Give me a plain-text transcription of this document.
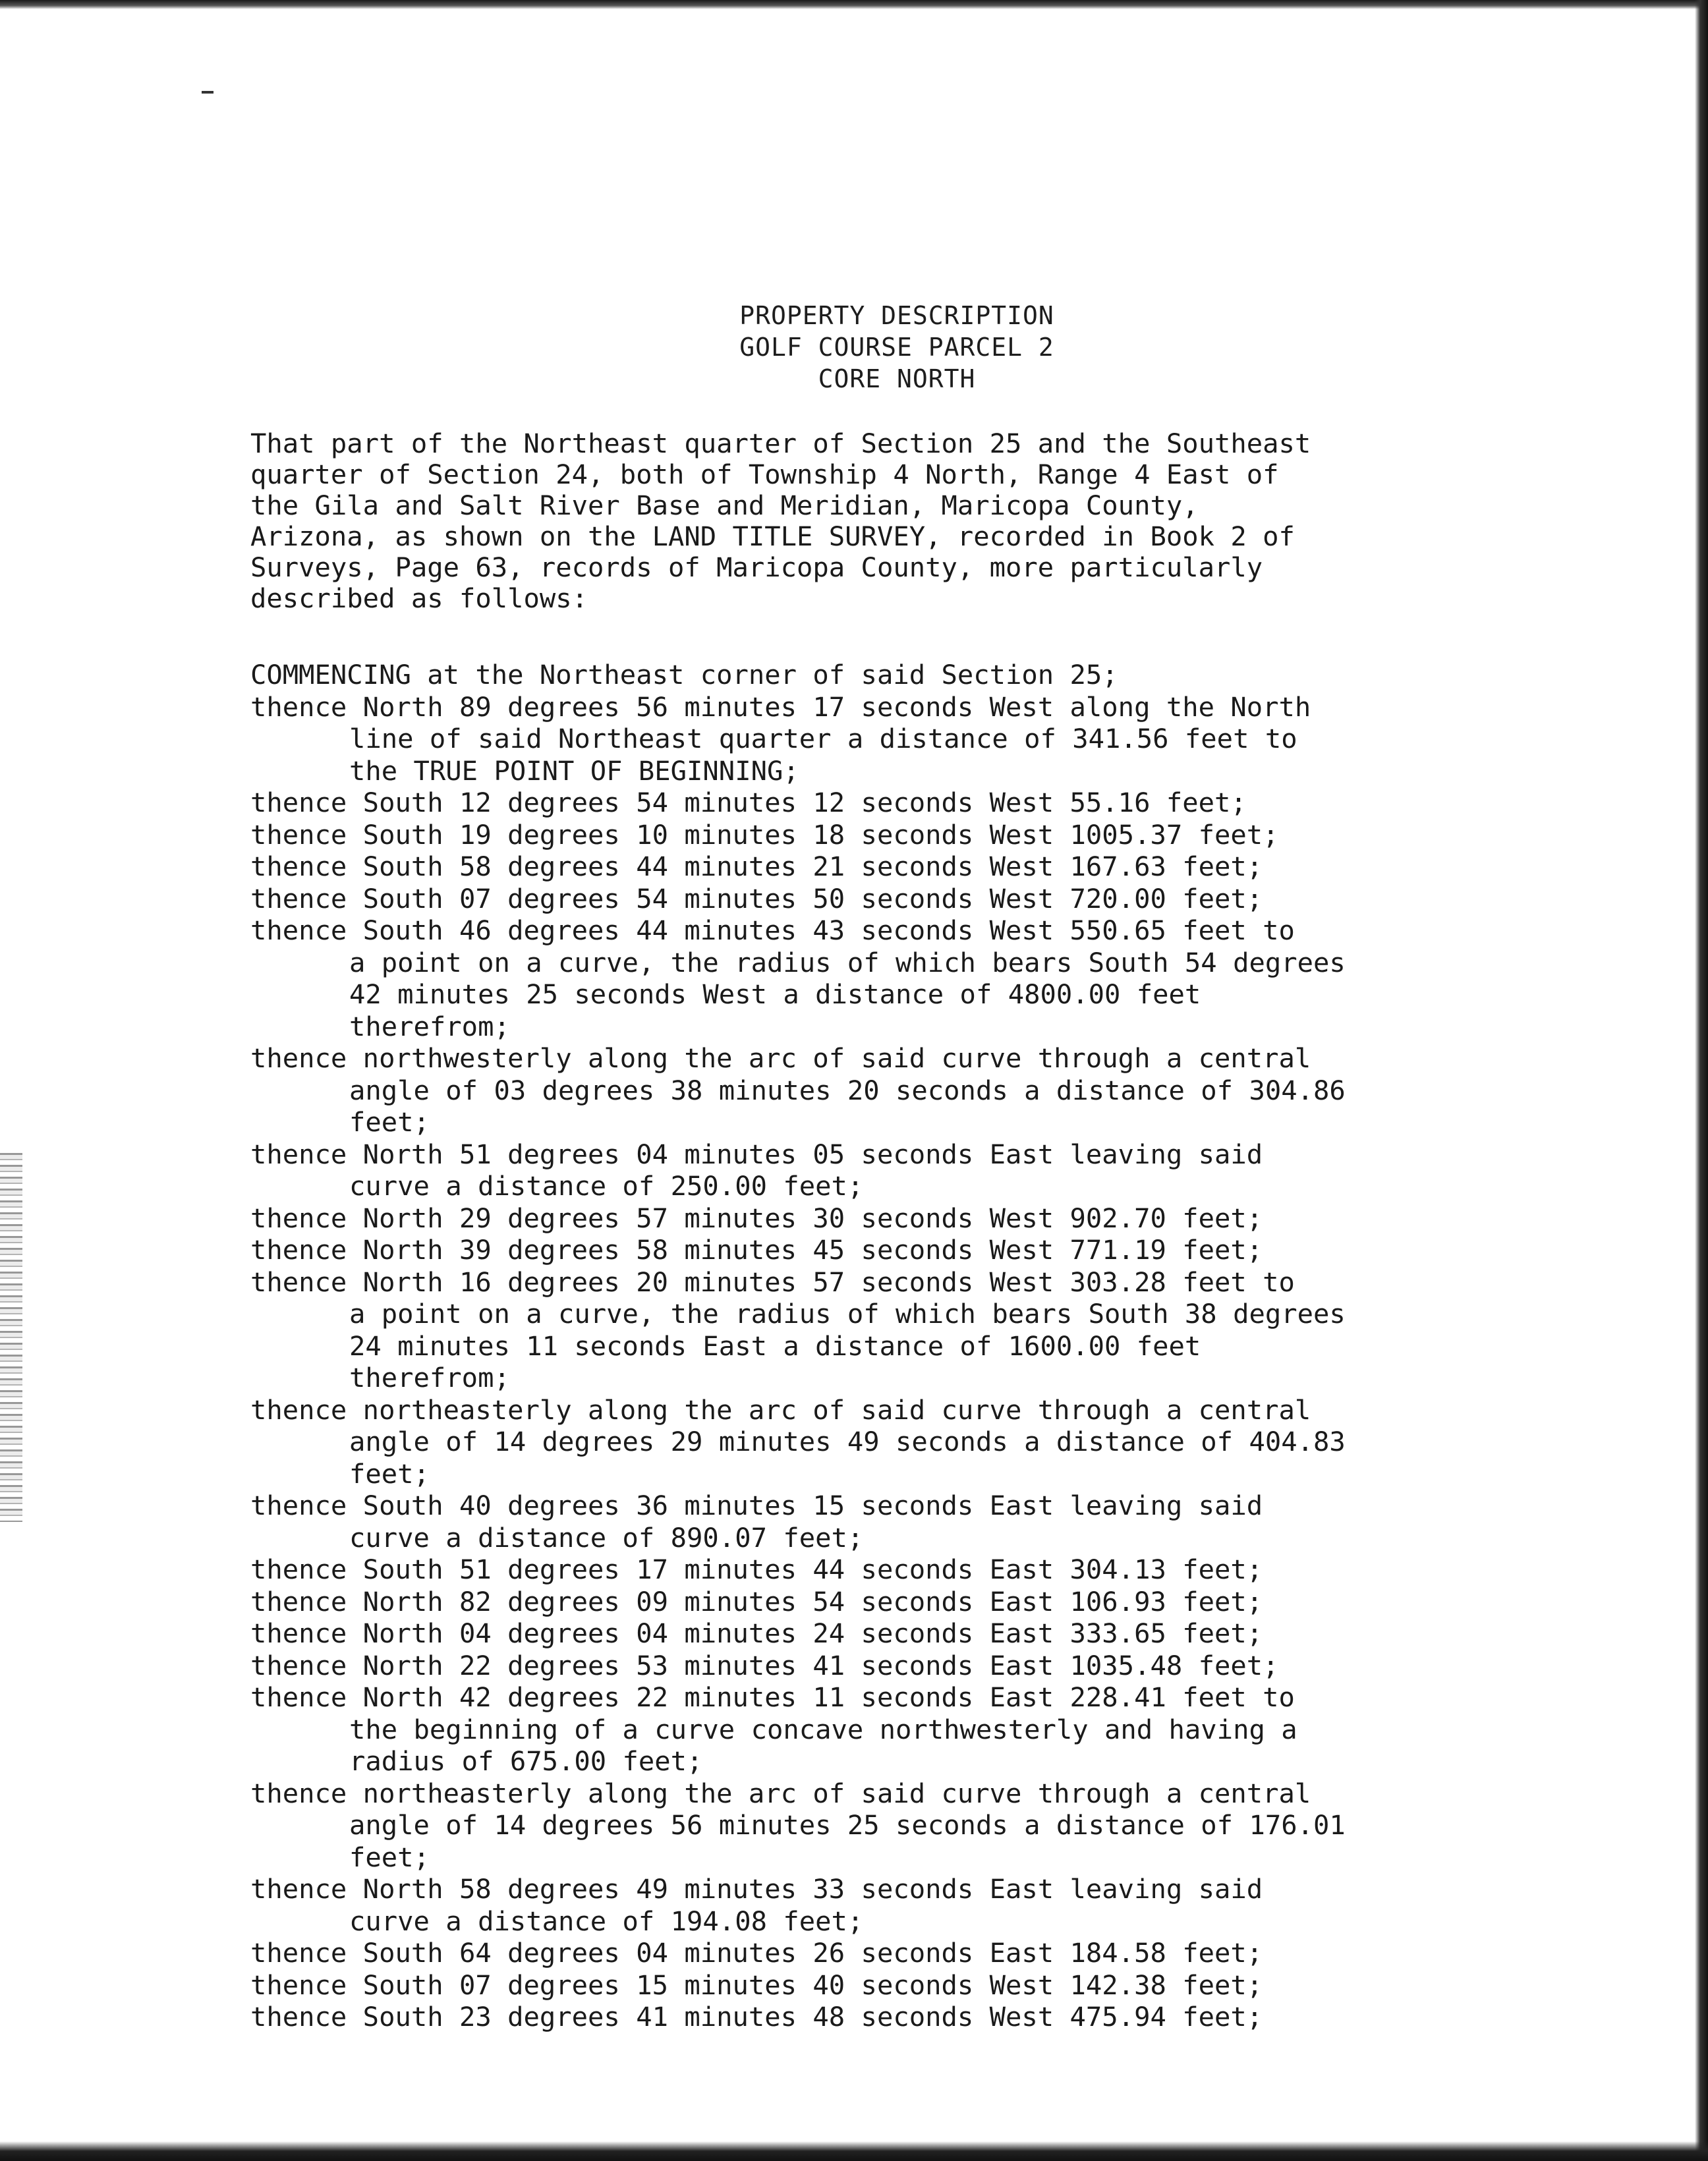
PROPERTY DESCRIPTION
GOLF COURSE PARCEL 2
CORE NORTH
That part of the Northeast quarter of Section 25 and the Southeast
quarter of Section 24, both of Township 4 North, Range 4 East of
the Gila and Salt River Base and Meridian, Maricopa County,
Arizona, as shown on the LAND TITLE SURVEY, recorded in Book 2 of
Surveys, Page 63, records of Maricopa County, more particularly
described as follows:
COMMENCING at the Northeast corner of said Section 25;
thence North 89 degrees 56 minutes 17 seconds West along the North
line of said Northeast quarter a distance of 341.56 feet to
the TRUE POINT OF BEGINNING;
thence South 12 degrees 54 minutes 12 seconds West 55.16 feet;
thence South 19 degrees 10 minutes 18 seconds West 1005.37 feet;
thence South 58 degrees 44 minutes 21 seconds West 167.63 feet;
thence South 07 degrees 54 minutes 50 seconds West 720.00 feet;
thence South 46 degrees 44 minutes 43 seconds West 550.65 feet to
a point on a curve, the radius of which bears South 54 degrees
42 minutes 25 seconds West a distance of 4800.00 feet
therefrom;
thence northwesterly along the arc of said curve through a central
angle of 03 degrees 38 minutes 20 seconds a distance of 304.86
feet;
thence North 51 degrees 04 minutes 05 seconds East leaving said
curve a distance of 250.00 feet;
thence North 29 degrees 57 minutes 30 seconds West 902.70 feet;
thence North 39 degrees 58 minutes 45 seconds West 771.19 feet;
thence North 16 degrees 20 minutes 57 seconds West 303.28 feet to
a point on a curve, the radius of which bears South 38 degrees
24 minutes 11 seconds East a distance of 1600.00 feet
therefrom;
thence northeasterly along the arc of said curve through a central
angle of 14 degrees 29 minutes 49 seconds a distance of 404.83
feet;
thence South 40 degrees 36 minutes 15 seconds East leaving said
curve a distance of 890.07 feet;
thence South 51 degrees 17 minutes 44 seconds East 304.13 feet;
thence North 82 degrees 09 minutes 54 seconds East 106.93 feet;
thence North 04 degrees 04 minutes 24 seconds East 333.65 feet;
thence North 22 degrees 53 minutes 41 seconds East 1035.48 feet;
thence North 42 degrees 22 minutes 11 seconds East 228.41 feet to
the beginning of a curve concave northwesterly and having a
radius of 675.00 feet;
thence northeasterly along the arc of said curve through a central
angle of 14 degrees 56 minutes 25 seconds a distance of 176.01
feet;
thence North 58 degrees 49 minutes 33 seconds East leaving said
curve a distance of 194.08 feet;
thence South 64 degrees 04 minutes 26 seconds East 184.58 feet;
thence South 07 degrees 15 minutes 40 seconds West 142.38 feet;
thence South 23 degrees 41 minutes 48 seconds West 475.94 feet;
